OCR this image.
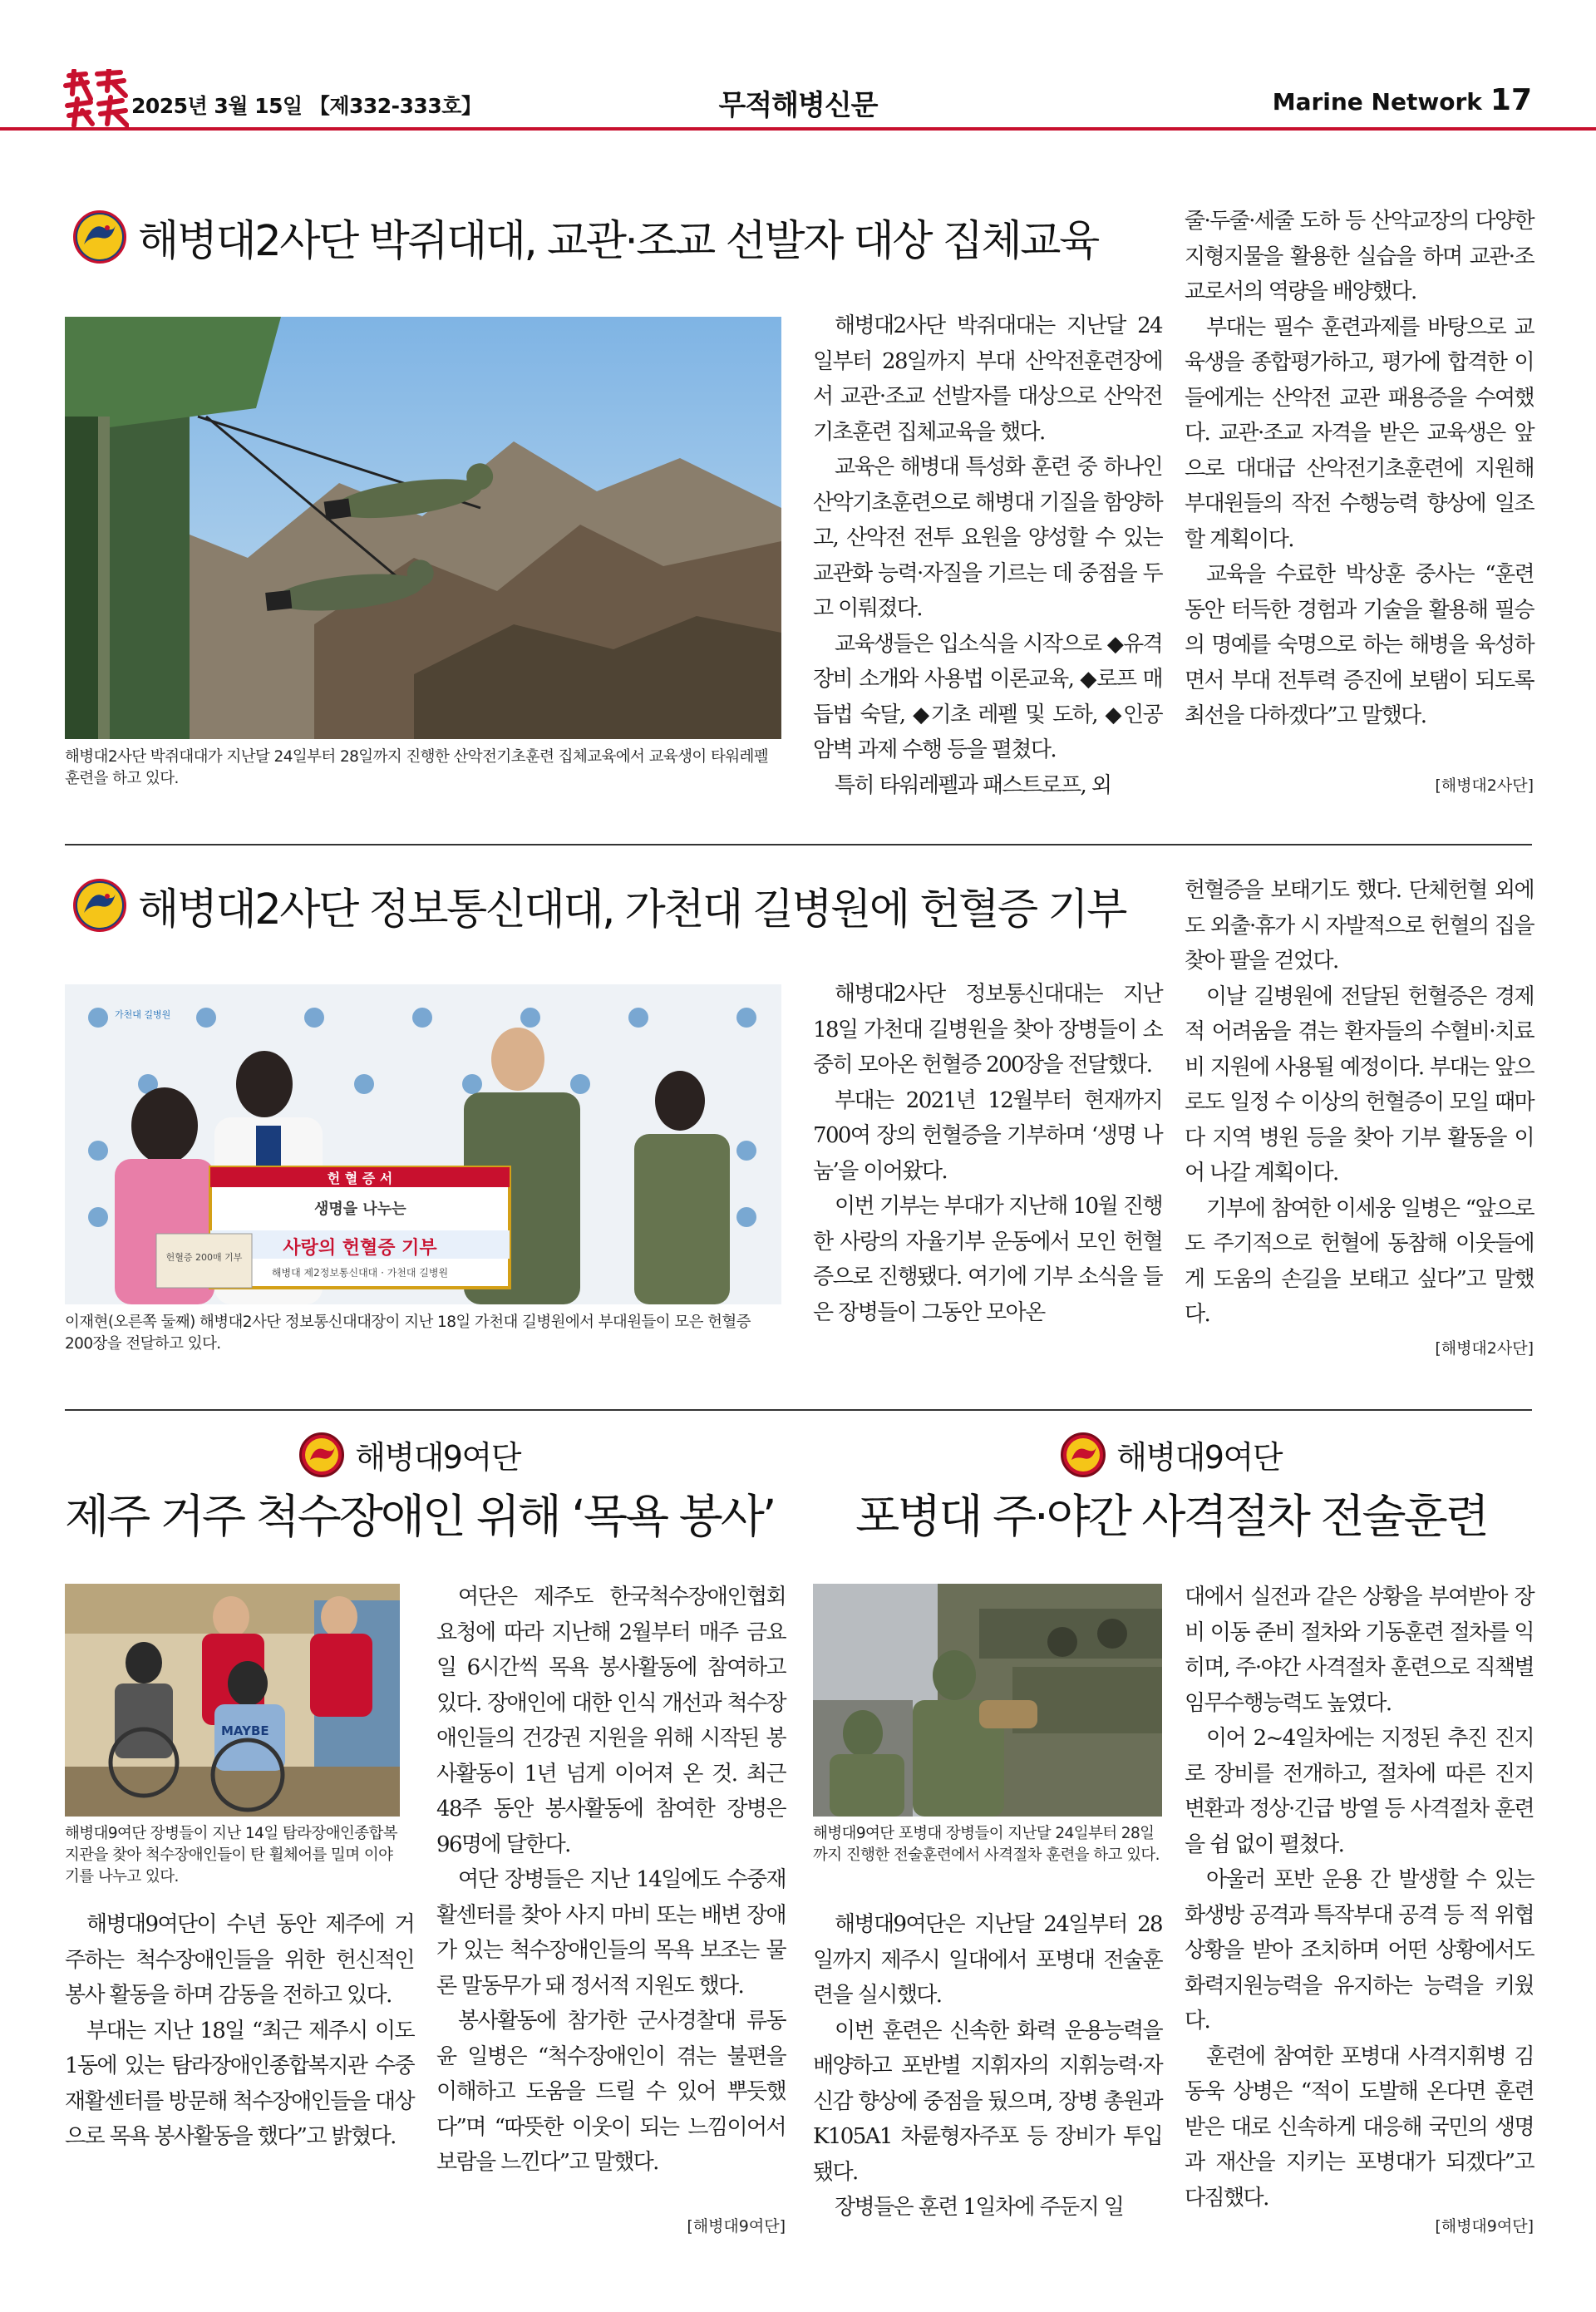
2025년 3월 15일 【제332-333호】	무적해병신문	Marine Network 17
해병대2사단 박쥐대대, 교관·조교 선발자 대상 집체교육
해병대2사단 박쥐대대가 지난달 24일부터 28일까지 진행한 산악전기초훈련 집체교육에서 교육생이 타워레펠훈련을 하고 있다.

해병대2사단 박쥐대대는 지난달 24일부터 28일까지 부대 산악전훈련장에서 교관·조교 선발자를 대상으로 산악전기초훈련 집체교육을 했다.

교육은 해병대 특성화 훈련 중 하나인 산악기초훈련으로 해병대 기질을 함양하고, 산악전 전투 요원을 양성할 수 있는 교관화 능력·자질을 기르는 데 중점을 두고 이뤄졌다.

교육생들은 입소식을 시작으로 ◆유격장비 소개와 사용법 이론교육, ◆로프 매듭법 숙달, ◆기초 레펠 및 도하, ◆인공 암벽 과제 수행 등을 펼쳤다.

특히 타워레펠과 패스트로프, 외

줄·두줄·세줄 도하 등 산악교장의 다양한 지형지물을 활용한 실습을 하며 교관·조교로서의 역량을 배양했다.

부대는 필수 훈련과제를 바탕으로 교육생을 종합평가하고, 평가에 합격한 이들에게는 산악전 교관 패용증을 수여했다. 교관·조교 자격을 받은 교육생은 앞으로 대대급 산악전기초훈련에 지원해 부대원들의 작전 수행능력 향상에 일조할 계획이다.

교육을 수료한 박상훈 중사는 “훈련 동안 터득한 경험과 기술을 활용해 필승의 명예를 숙명으로 하는 해병을 육성하면서 부대 전투력 증진에 보탬이 되도록 최선을 다하겠다”고 말했다.

[해병대2사단]
해병대2사단 정보통신대대, 가천대 길병원에 헌혈증 기부
헌 혈 증 서
생명을 나누는
사랑의 헌혈증 기부
해병대 제2정보통신대대 · 가천대 길병원
헌혈증 200매 기부
가천대 길병원
이재현(오른쪽 둘째) 해병대2사단 정보통신대대장이 지난 18일 가천대 길병원에서 부대원들이 모은 헌혈증 200장을 전달하고 있다.

해병대2사단 정보통신대대는 지난 18일 가천대 길병원을 찾아 장병들이 소중히 모아온 헌혈증 200장을 전달했다.

부대는 2021년 12월부터 현재까지 700여 장의 헌혈증을 기부하며 ‘생명 나눔’을 이어왔다.

이번 기부는 부대가 지난해 10월 진행한 사랑의 자율기부 운동에서 모인 헌혈증으로 진행됐다. 여기에 기부 소식을 들은 장병들이 그동안 모아온

헌혈증을 보태기도 했다. 단체헌혈 외에도 외출·휴가 시 자발적으로 헌혈의 집을 찾아 팔을 걷었다.

이날 길병원에 전달된 헌혈증은 경제적 어려움을 겪는 환자들의 수혈비·치료비 지원에 사용될 예정이다. 부대는 앞으로도 일정 수 이상의 헌혈증이 모일 때마다 지역 병원 등을 찾아 기부 활동을 이어 나갈 계획이다.

기부에 참여한 이세웅 일병은 “앞으로도 주기적으로 헌혈에 동참해 이웃들에게 도움의 손길을 보태고 싶다”고 말했다.

[해병대2사단]
해병대9여단
제주 거주 척수장애인 위해 ‘목욕 봉사’
MAYBE
해병대9여단 장병들이 지난 14일 탐라장애인종합복지관을 찾아 척수장애인들이 탄 휠체어를 밀며 이야기를 나누고 있다.

해병대9여단이 수년 동안 제주에 거주하는 척수장애인들을 위한 헌신적인 봉사 활동을 하며 감동을 전하고 있다.

부대는 지난 18일 “최근 제주시 이도1동에 있는 탐라장애인종합복지관 수중재활센터를 방문해 척수장애인들을 대상으로 목욕 봉사활동을 했다”고 밝혔다.

여단은 제주도 한국척수장애인협회 요청에 따라 지난해 2월부터 매주 금요일 6시간씩 목욕 봉사활동에 참여하고 있다. 장애인에 대한 인식 개선과 척수장애인들의 건강권 지원을 위해 시작된 봉사활동이 1년 넘게 이어져 온 것. 최근 48주 동안 봉사활동에 참여한 장병은 96명에 달한다.

여단 장병들은 지난 14일에도 수중재활센터를 찾아 사지 마비 또는 배변 장애가 있는 척수장애인들의 목욕 보조는 물론 말동무가 돼 정서적 지원도 했다.

봉사활동에 참가한 군사경찰대 류동윤 일병은 “척수장애인이 겪는 불편을 이해하고 도움을 드릴 수 있어 뿌듯했다”며 “따뜻한 이웃이 되는 느낌이어서 보람을 느낀다”고 말했다.

[해병대9여단]
해병대9여단
포병대 주·야간 사격절차 전술훈련
해병대9여단 포병대 장병들이 지난달 24일부터 28일까지 진행한 전술훈련에서 사격절차 훈련을 하고 있다.

해병대9여단은 지난달 24일부터 28일까지 제주시 일대에서 포병대 전술훈련을 실시했다.

이번 훈련은 신속한 화력 운용능력을 배양하고 포반별 지휘자의 지휘능력·자신감 향상에 중점을 뒀으며, 장병 총원과 K105A1 차륜형자주포 등 장비가 투입됐다.

장병들은 훈련 1일차에 주둔지 일

대에서 실전과 같은 상황을 부여받아 장비 이동 준비 절차와 기동훈련 절차를 익히며, 주·야간 사격절차 훈련으로 직책별 임무수행능력도 높였다.

이어 2~4일차에는 지정된 추진 진지로 장비를 전개하고, 절차에 따른 진지 변환과 정상·긴급 방열 등 사격절차 훈련을 쉼 없이 펼쳤다.

아울러 포반 운용 간 발생할 수 있는 화생방 공격과 특작부대 공격 등 적 위협 상황을 받아 조치하며 어떤 상황에서도 화력지원능력을 유지하는 능력을 키웠다.

훈련에 참여한 포병대 사격지휘병 김동욱 상병은 “적이 도발해 온다면 훈련받은 대로 신속하게 대응해 국민의 생명과 재산을 지키는 포병대가 되겠다”고 다짐했다.

[해병대9여단]
